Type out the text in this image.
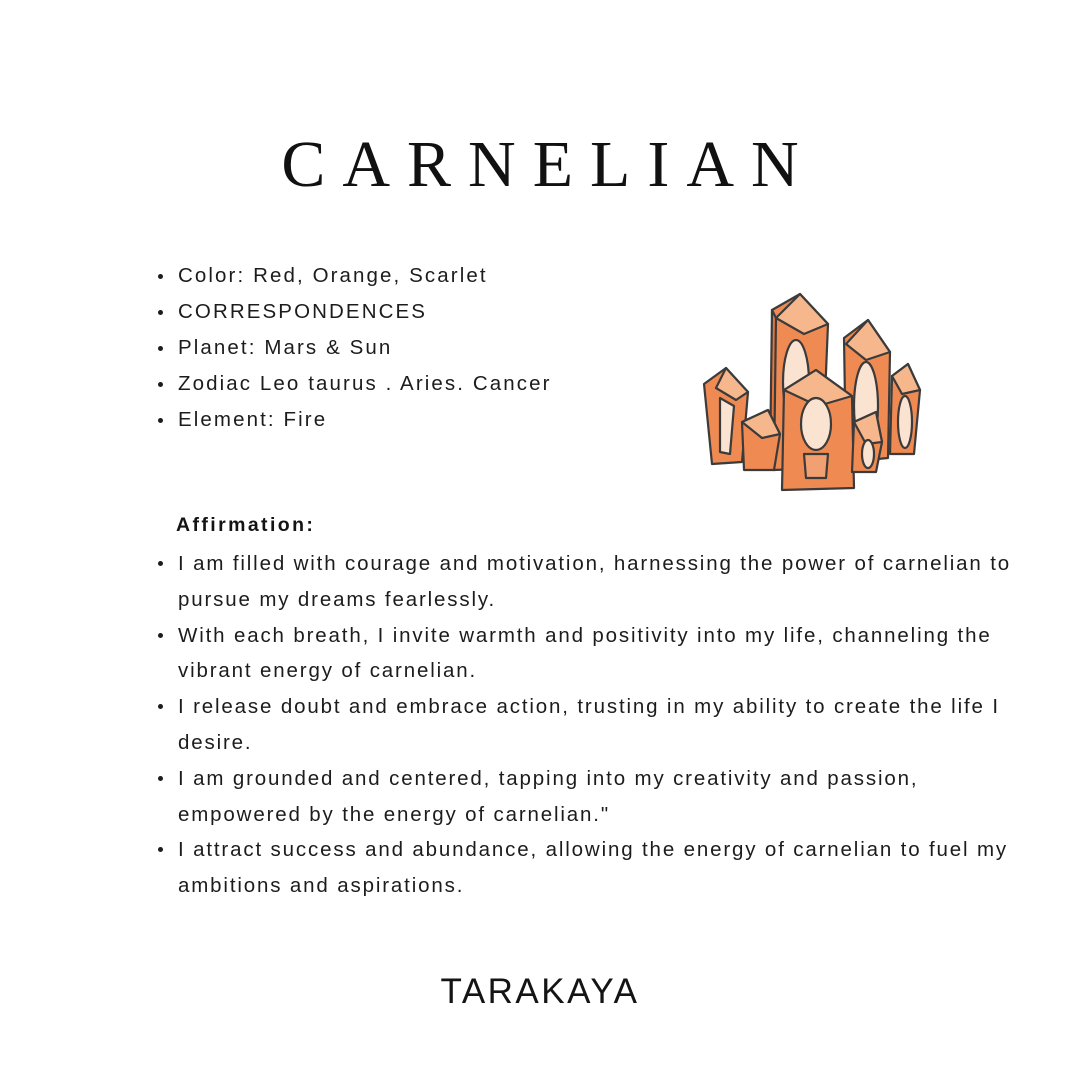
CARNELIAN
Color: Red, Orange, Scarlet
CORRESPONDENCES
Planet: Mars & Sun
Zodiac Leo taurus . Aries. Cancer
Element: Fire
Affirmation:
I am filled with courage and motivation, harnessing the power of carnelian to pursue my dreams fearlessly.
With each breath, I invite warmth and positivity into my life, channeling the vibrant energy of carnelian.
I release doubt and embrace action, trusting in my ability to create the life I desire.
I am grounded and centered, tapping into my creativity and passion, empowered by the energy of carnelian."
I attract success and abundance, allowing the energy of carnelian to fuel my ambitions and aspirations.
TARAKAYA
